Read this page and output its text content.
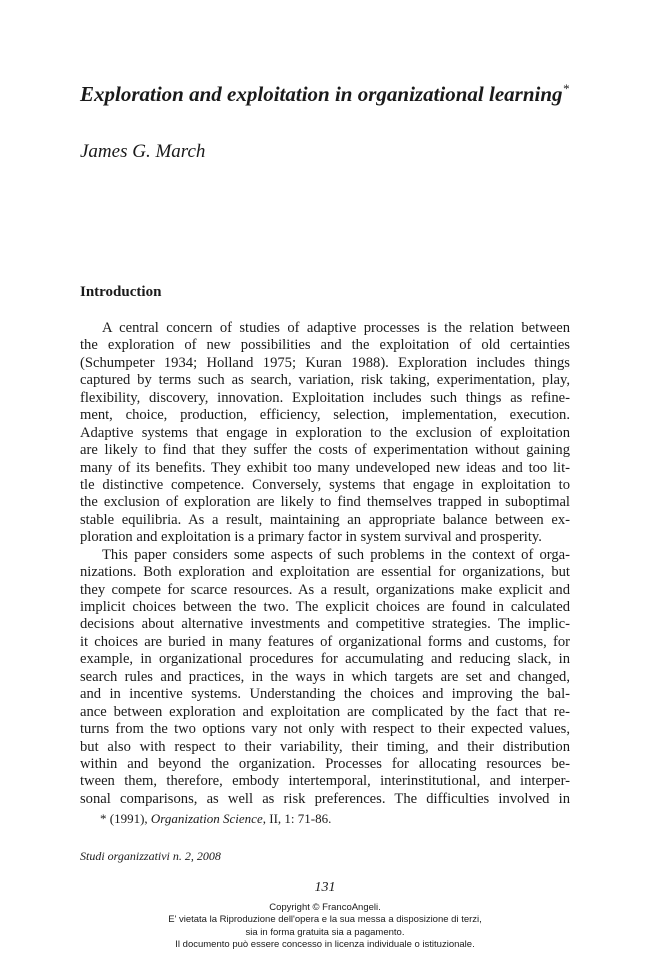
Exploration and exploitation in organizational learning*
James G. March
Introduction
A central concern of studies of adaptive processes is the relation between
the exploration of new possibilities and the exploitation of old certainties
(Schumpeter 1934; Holland 1975; Kuran 1988). Exploration includes things
captured by terms such as search, variation, risk taking, experimentation, play,
flexibility, discovery, innovation. Exploitation includes such things as refine-
ment, choice, production, efficiency, selection, implementation, execution.
Adaptive systems that engage in exploration to the exclusion of exploitation
are likely to find that they suffer the costs of experimentation without gaining
many of its benefits. They exhibit too many undeveloped new ideas and too lit-
tle distinctive competence. Conversely, systems that engage in exploitation to
the exclusion of exploration are likely to find themselves trapped in suboptimal
stable equilibria. As a result, maintaining an appropriate balance between ex-
ploration and exploitation is a primary factor in system survival and prosperity.
This paper considers some aspects of such problems in the context of orga-
nizations. Both exploration and exploitation are essential for organizations, but
they compete for scarce resources. As a result, organizations make explicit and
implicit choices between the two. The explicit choices are found in calculated
decisions about alternative investments and competitive strategies. The implic-
it choices are buried in many features of organizational forms and customs, for
example, in organizational procedures for accumulating and reducing slack, in
search rules and practices, in the ways in which targets are set and changed,
and in incentive systems. Understanding the choices and improving the bal-
ance between exploration and exploitation are complicated by the fact that re-
turns from the two options vary not only with respect to their expected values,
but also with respect to their variability, their timing, and their distribution
within and beyond the organization. Processes for allocating resources be-
tween them, therefore, embody intertemporal, interinstitutional, and interper-
sonal comparisons, as well as risk preferences. The difficulties involved in
* (1991), Organization Science, II, 1: 71-86.
Studi organizzativi n. 2, 2008
131
Copyright © FrancoAngeli.
E' vietata la Riproduzione dell'opera e la sua messa a disposizione di terzi,
sia in forma gratuita sia a pagamento.
Il documento può essere concesso in licenza individuale o istituzionale.
